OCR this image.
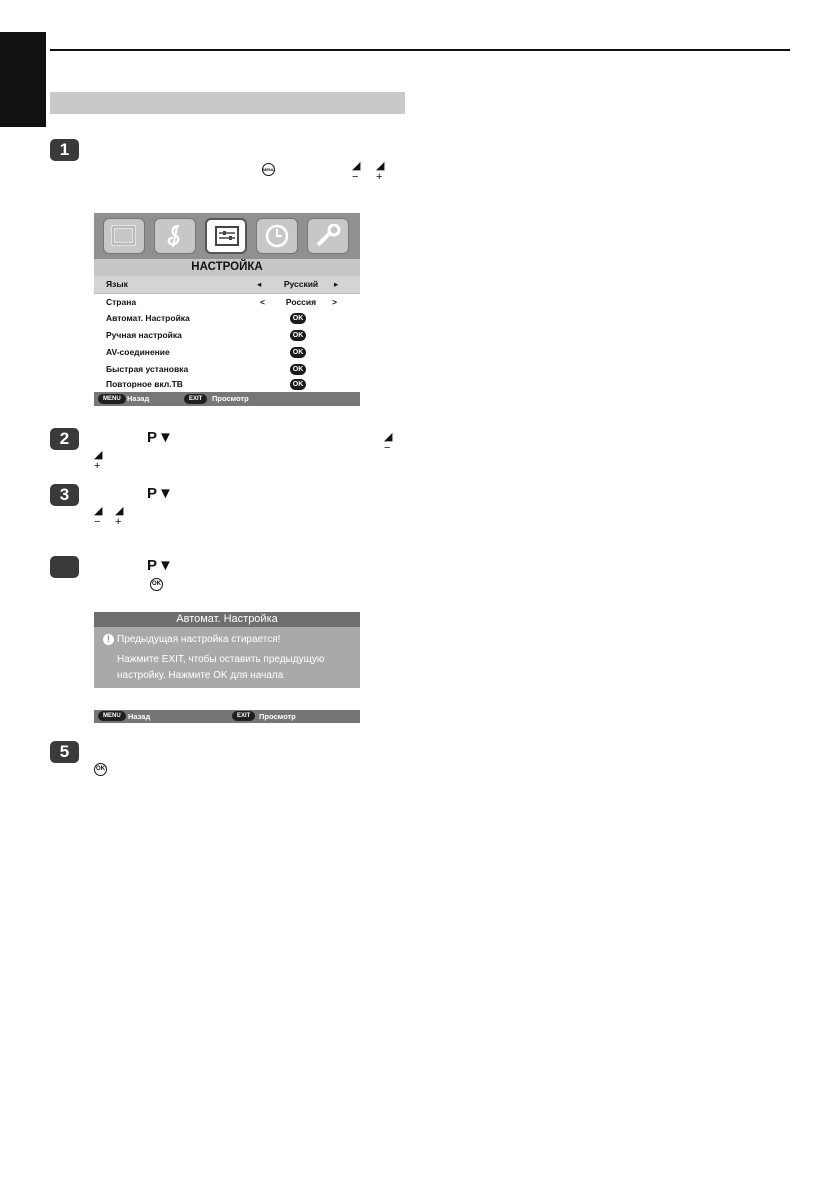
1
MENU	◢
−
◢
+
НАСТРОЙКА
Язык	◂	Русский	▸
Страна	<	Россия	>
Автомат. Настройка	OK
Ручная настройка	OK
AV-соединение	OK
Быстрая установка	OK
Повторное вкл.ТВ	OK
MENU Назад	EXIT	Просмотр
2	P▼	◢
−
◢
+
3	P▼
◢
−
◢
+
P▼
OK
Автомат. Настройка
! Предыдущая настройка стирается!
Нажмите EXIT, чтобы оставить предыдущую
настройку. Нажмите OK для начала
MENU Назад	EXIT	Просмотр
5
OK
